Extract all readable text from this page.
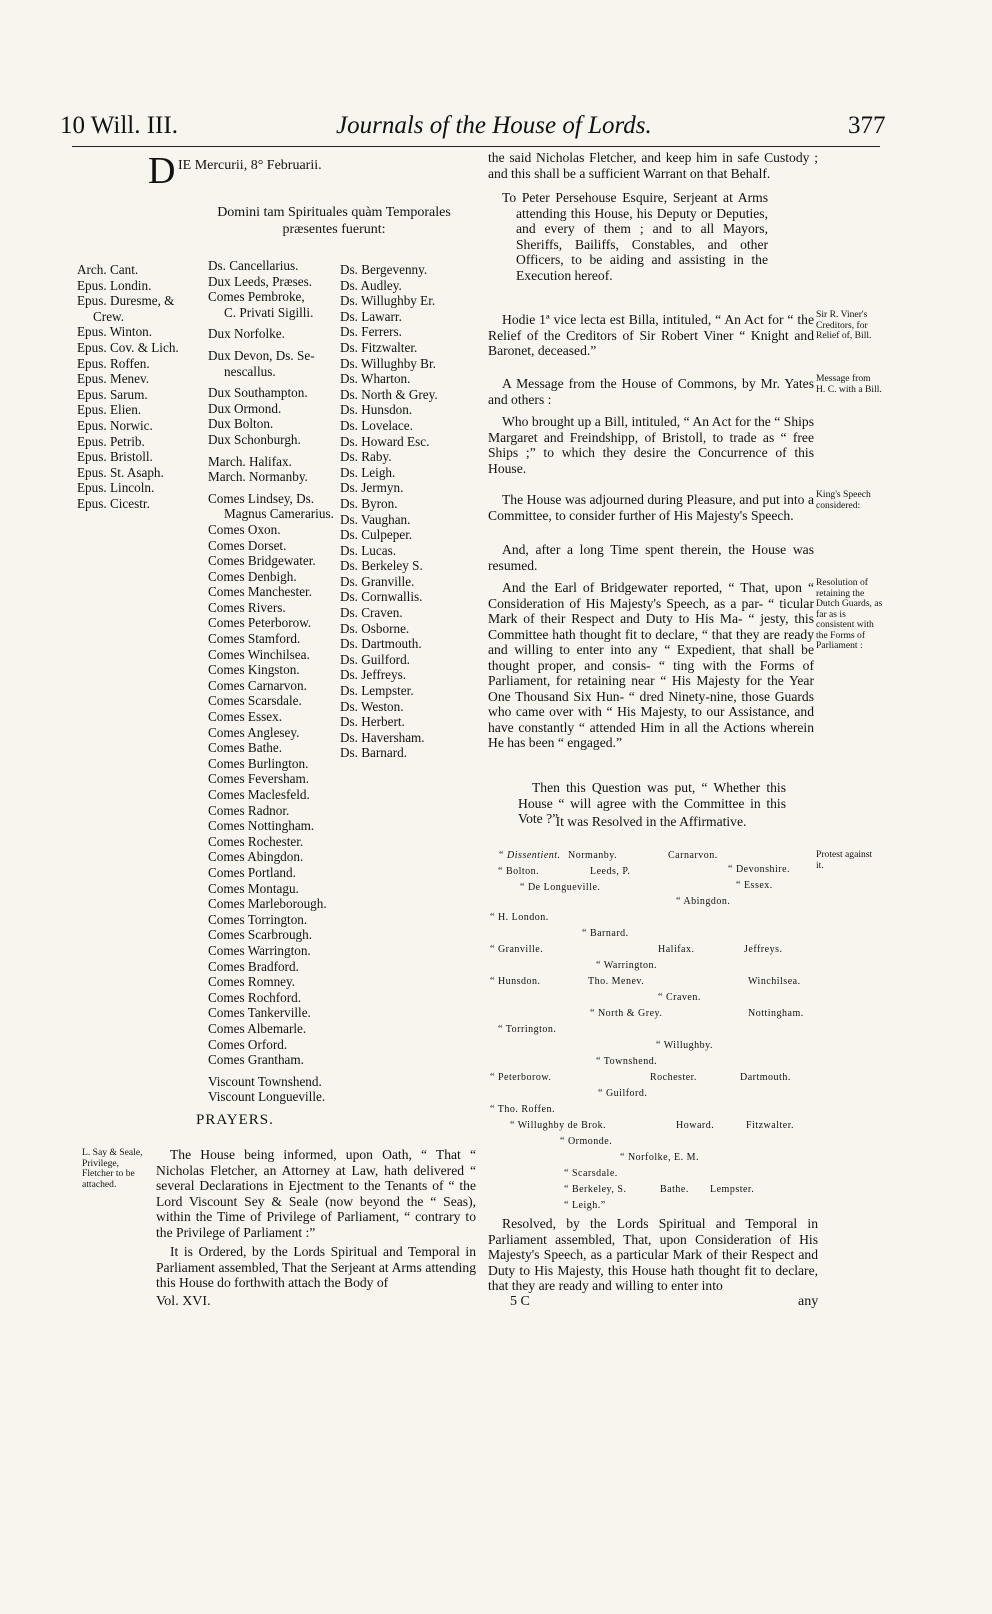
10 Will. III.	Journals of the House of Lords.	377
D IE Mercurii, 8° Februarii.
Domini tam Spirituales quàm Temporales præsentes fuerunt:
Arch. Cant.
Epus. Londin.
Epus. Duresme, &
Crew.
Epus. Winton.
Epus. Cov. & Lich.
Epus. Roffen.
Epus. Menev.
Epus. Sarum.
Epus. Elien.
Epus. Norwic.
Epus. Petrib.
Epus. Bristoll.
Epus. St. Asaph.
Epus. Lincoln.
Epus. Cicestr.
Ds. Cancellarius.
Dux Leeds, Præses.
Comes Pembroke,
C. Privati Sigilli.

Dux Norfolke.

Dux Devon, Ds. Se-
nescallus.

Dux Southampton.
Dux Ormond.
Dux Bolton.
Dux Schonburgh.

March. Halifax.
March. Normanby.

Comes Lindsey, Ds.
Magnus Camerarius.
Comes Oxon.
Comes Dorset.
Comes Bridgewater.
Comes Denbigh.
Comes Manchester.
Comes Rivers.
Comes Peterborow.
Comes Stamford.
Comes Winchilsea.
Comes Kingston.
Comes Carnarvon.
Comes Scarsdale.
Comes Essex.
Comes Anglesey.
Comes Bathe.
Comes Burlington.
Comes Feversham.
Comes Maclesfeld.
Comes Radnor.
Comes Nottingham.
Comes Rochester.
Comes Abingdon.
Comes Portland.
Comes Montagu.
Comes Marleborough.
Comes Torrington.
Comes Scarbrough.
Comes Warrington.
Comes Bradford.
Comes Romney.
Comes Rochford.
Comes Tankerville.
Comes Albemarle.
Comes Orford.
Comes Grantham.

Viscount Townshend.
Viscount Longueville.
Ds. Bergevenny.
Ds. Audley.
Ds. Willughby Er.
Ds. Lawarr.
Ds. Ferrers.
Ds. Fitzwalter.
Ds. Willughby Br.
Ds. Wharton.
Ds. North & Grey.
Ds. Hunsdon.
Ds. Lovelace.
Ds. Howard Esc.
Ds. Raby.
Ds. Leigh.
Ds. Jermyn.
Ds. Byron.
Ds. Vaughan.
Ds. Culpeper.
Ds. Lucas.
Ds. Berkeley S.
Ds. Granville.
Ds. Cornwallis.
Ds. Craven.
Ds. Osborne.
Ds. Dartmouth.
Ds. Guilford.
Ds. Jeffreys.
Ds. Lempster.
Ds. Weston.
Ds. Herbert.
Ds. Haversham.
Ds. Barnard.
PRAYERS.
L. Say & Seale, Privilege, Fletcher to be attached.

The House being informed, upon Oath, “ That “ Nicholas Fletcher, an Attorney at Law, hath delivered “ several Declarations in Ejectment to the Tenants of “ the Lord Viscount Sey & Seale (now beyond the “ Seas), within the Time of Privilege of Parliament, “ contrary to the Privilege of Parliament :”

It is Ordered, by the Lords Spiritual and Temporal in Parliament assembled, That the Serjeant at Arms attending this House do forthwith attach the Body of

Vol. XVI.

the said Nicholas Fletcher, and keep him in safe Custody ; and this shall be a sufficient Warrant on that Behalf.

To Peter Persehouse Esquire, Serjeant at Arms attending this House, his Deputy or Deputies, and every of them ; and to all Mayors, Sheriffs, Bailiffs, Constables, and other Officers, to be aiding and assisting in the Execution hereof.

Sir R. Viner's Creditors, for Relief of, Bill.

Hodie 1ª vice lecta est Billa, intituled, “ An Act for “ the Relief of the Creditors of Sir Robert Viner “ Knight and Baronet, deceased.”

Message from H. C. with a Bill.

A Message from the House of Commons, by Mr. Yates and others :

Who brought up a Bill, intituled, “ An Act for the “ Ships Margaret and Freindshipp, of Bristoll, to trade as “ free Ships ;” to which they desire the Concurrence of this House.

King's Speech considered:

The House was adjourned during Pleasure, and put into a Committee, to consider further of His Majesty's Speech.

And, after a long Time spent therein, the House was resumed.

Resolution of retaining the Dutch Guards, as far as is consistent with the Forms of Parliament :

And the Earl of Bridgewater reported, “ That, upon “ Consideration of His Majesty's Speech, as a par- “ ticular Mark of their Respect and Duty to His Ma- “ jesty, this Committee hath thought fit to declare, “ that they are ready and willing to enter into any “ Expedient, that shall be thought proper, and consis- “ ting with the Forms of Parliament, for retaining near “ His Majesty for the Year One Thousand Six Hun- “ dred Ninety-nine, those Guards who came over with “ His Majesty, to our Assistance, and have constantly “ attended Him in all the Actions wherein He has been “ engaged.”

Then this Question was put, “ Whether this House “ will agree with the Committee in this Vote ?”

It was Resolved in the Affirmative.
Protest against it.
“ Dissentient. Normanby.	Carnarvon.
“ Devonshire.
“ Bolton.	Leeds, P.
“ Essex.
“ De Longueville.
“ Abingdon.
“ H. London.
“ Barnard.
“ Granville.	Halifax.	Jeffreys.
“ Warrington.
“ Hunsdon.	Tho. Menev.	Winchilsea.
“ Craven.
“ North & Grey.	Nottingham.
“ Torrington.
“ Willughby.
“ Townshend.
“ Peterborow.	Rochester.	Dartmouth.
“ Guilford.
“ Tho. Roffen.
“ Willughby de Brok.	Howard.	Fitzwalter.
“ Ormonde.
“ Norfolke, E. M.
“ Scarsdale.
“ Berkeley, S.	Bathe. Lempster.
“ Leigh.”

Resolved, by the Lords Spiritual and Temporal in Parliament assembled, That, upon Consideration of His Majesty's Speech, as a particular Mark of their Respect and Duty to His Majesty, this House hath thought fit to declare, that they are ready and willing to enter into

5 C	any
